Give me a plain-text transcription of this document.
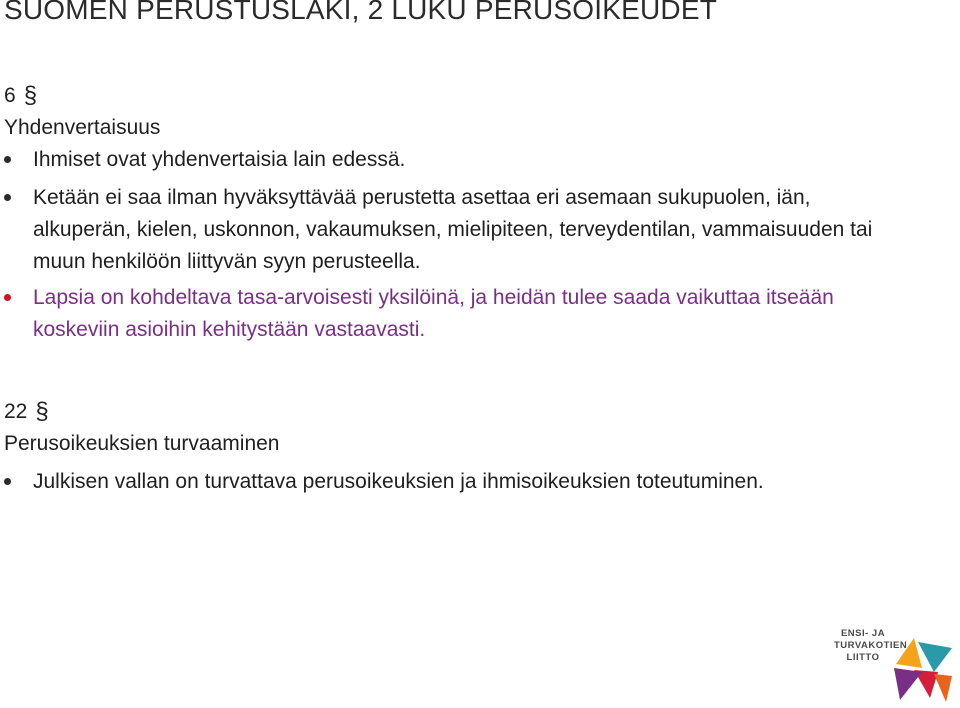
SUOMEN PERUSTUSLAKI, 2 LUKU PERUSOIKEUDET
6 §
Yhdenvertaisuus
Ihmiset ovat yhdenvertaisia lain edessä.
Ketään ei saa ilman hyväksyttävää perustetta asettaa eri asemaan sukupuolen, iän, alkuperän, kielen, uskonnon, vakaumuksen, mielipiteen, terveydentilan, vammaisuuden tai muun henkilöön liittyvän syyn perusteella.
Lapsia on kohdeltava tasa-arvoisesti yksilöinä, ja heidän tulee saada vaikuttaa itseään koskeviin asioihin kehitystään vastaavasti.
22 §
Perusoikeuksien turvaaminen
Julkisen vallan on turvattava perusoikeuksien ja ihmisoikeuksien toteutuminen.
ENSI- JA
TURVAKOTIEN
LIITTO
